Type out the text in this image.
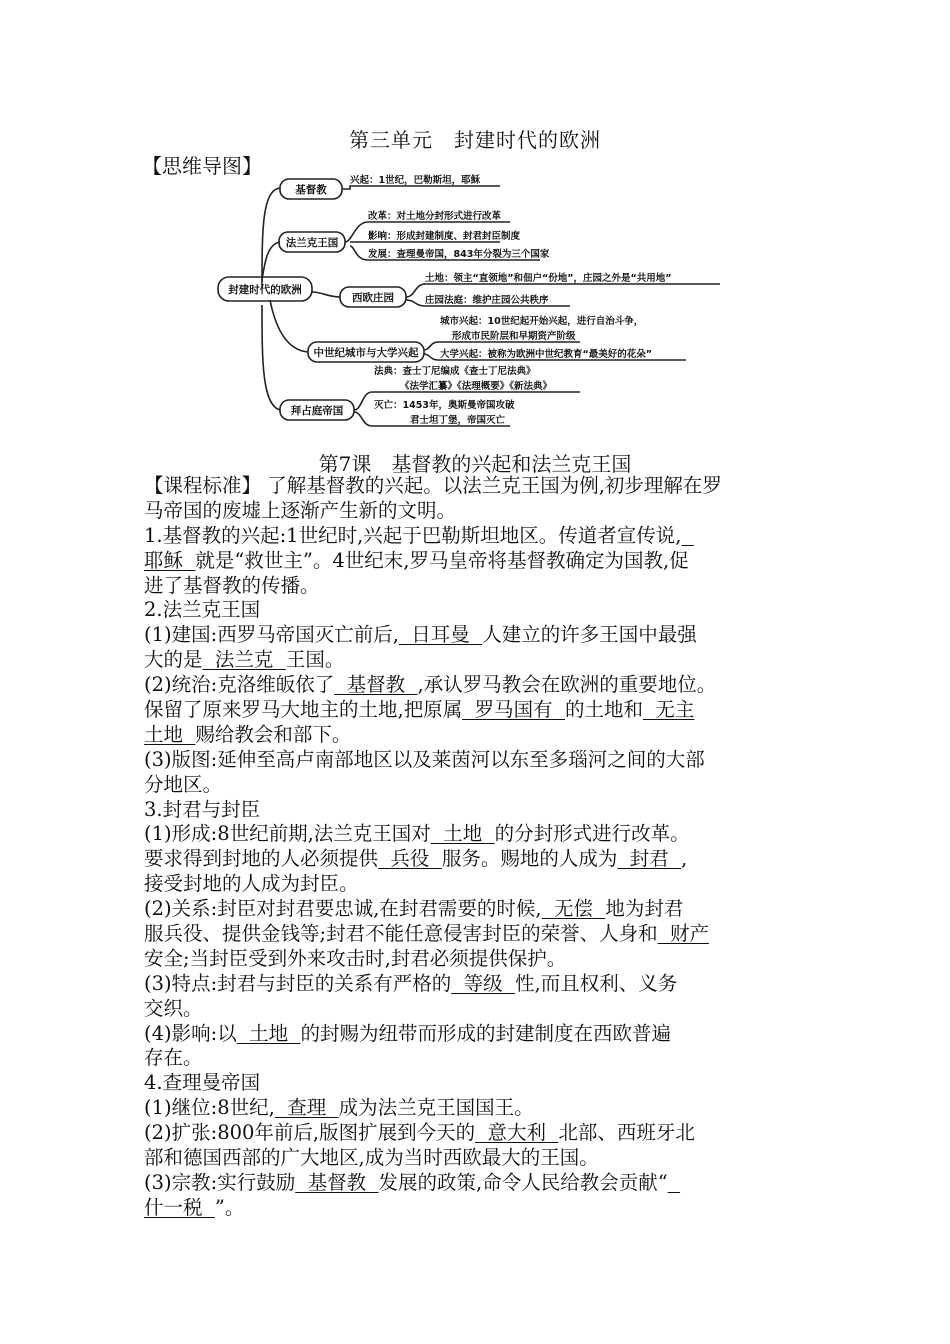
第三单元　封建时代的欧洲
【思维导图】
封建时代的欧洲
基督教
法兰克王国
西欧庄园
中世纪城市与大学兴起
拜占庭帝国
兴起：1世纪，巴勒斯坦，耶稣
改革：对土地分封形式进行改革
影响：形成封建制度、封君封臣制度
发展：查理曼帝国，843年分裂为三个国家
土地：领主“直领地”和佃户“份地”，庄园之外是“共用地”
庄园法庭：维护庄园公共秩序
城市兴起：10世纪起开始兴起，进行自治斗争，
形成市民阶层和早期资产阶级
大学兴起：被称为欧洲中世纪教育“最美好的花朵”
法典：查士丁尼编成《查士丁尼法典》
《法学汇纂》《法理概要》《新法典》
灭亡：1453年，奥斯曼帝国攻破
君士坦丁堡，帝国灭亡
第7课　基督教的兴起和法兰克王国
【课程标准】 了解基督教的兴起。以法兰克王国为例,初步理解在罗
马帝国的废墟上逐渐产生新的文明。
1.基督教的兴起:1世纪时,兴起于巴勒斯坦地区。传道者宣传说,
耶稣  就是“救世主”。4世纪末,罗马皇帝将基督教确定为国教,促
进了基督教的传播。
2.法兰克王国
(1)建国:西罗马帝国灭亡前后,  日耳曼  人建立的许多王国中最强
大的是  法兰克  王国。
(2)统治:克洛维皈依了  基督教  ,承认罗马教会在欧洲的重要地位。
保留了原来罗马大地主的土地,把原属  罗马国有  的土地和  无主
土地  赐给教会和部下。
(3)版图:延伸至高卢南部地区以及莱茵河以东至多瑙河之间的大部
分地区。
3.封君与封臣
(1)形成:8世纪前期,法兰克王国对  土地  的分封形式进行改革。
要求得到封地的人必须提供  兵役  服务。赐地的人成为  封君  ,
接受封地的人成为封臣。
(2)关系:封臣对封君要忠诚,在封君需要的时候,  无偿  地为封君
服兵役、提供金钱等;封君不能任意侵害封臣的荣誉、人身和  财产
安全;当封臣受到外来攻击时,封君必须提供保护。
(3)特点:封君与封臣的关系有严格的  等级  性,而且权利、义务
交织。
(4)影响:以  土地  的封赐为纽带而形成的封建制度在西欧普遍
存在。
4.查理曼帝国
(1)继位:8世纪,  查理  成为法兰克王国国王。
(2)扩张:800年前后,版图扩展到今天的  意大利  北部、西班牙北
部和德国西部的广大地区,成为当时西欧最大的王国。
(3)宗教:实行鼓励  基督教  发展的政策,命令人民给教会贡献“
什一税  ”。
